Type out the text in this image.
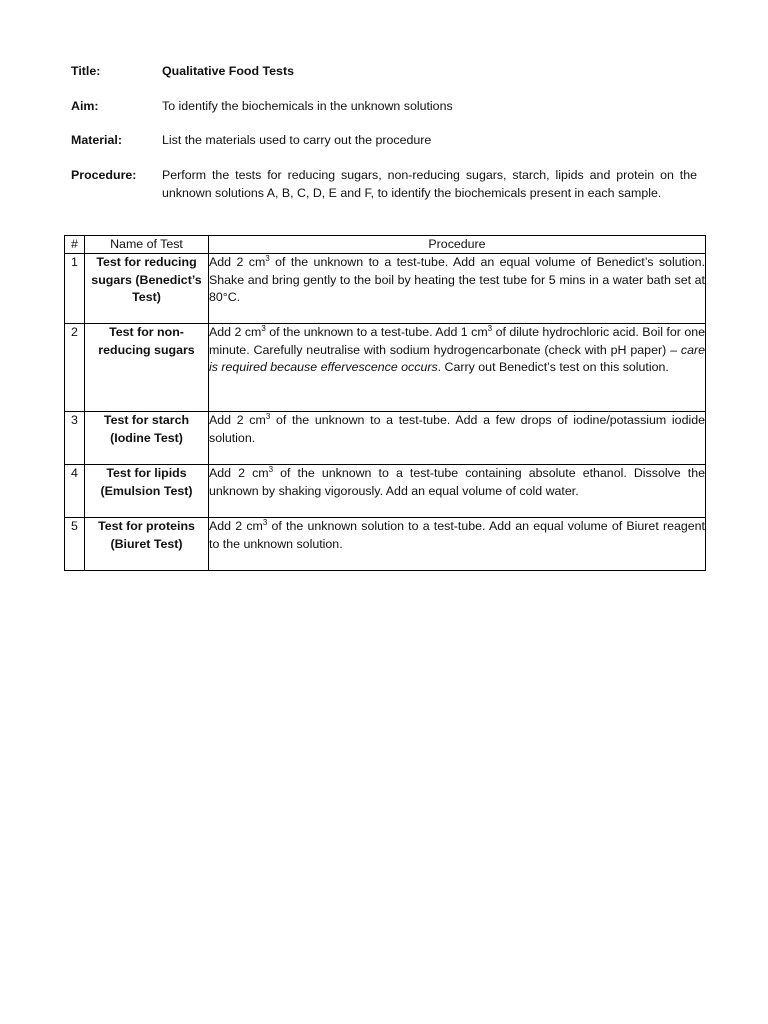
Title:	Qualitative Food Tests
Aim:	To identify the biochemicals in the unknown solutions
Material:	List the materials used to carry out the procedure
Procedure: Perform the tests for reducing sugars, non-reducing sugars, starch, lipids and protein on the unknown solutions A, B, C, D, E and F, to identify the biochemicals present in each sample.
#	Name of Test	Procedure
1	Test for reducing sugars (Benedict’s Test)	Add 2 $cm^3$ of the unknown to a test-tube. Add an equal volume of Benedict’s solution. Shake and bring gently to the boil by heating the test tube for 5 mins in a water bath set at 80°C.
2	Test for non-reducing sugars	Add 2 $cm^3$ of the unknown to a test-tube. Add 1 $cm^3$ of dilute hydrochloric acid. Boil for one minute. Carefully neutralise with sodium hydrogencarbonate (check with pH paper) – care is required because effervescence occurs. Carry out Benedict’s test on this solution.
3	Test for starch (Iodine Test)	Add 2 $cm^3$ of the unknown to a test-tube. Add a few drops of iodine/potassium iodide solution.
4	Test for lipids (Emulsion Test)	Add 2 $cm^3$ of the unknown to a test-tube containing absolute ethanol. Dissolve the unknown by shaking vigorously. Add an equal volume of cold water.
5	Test for proteins (Biuret Test)	Add 2 $cm^3$ of the unknown solution to a test-tube. Add an equal volume of Biuret reagent to the unknown solution.
